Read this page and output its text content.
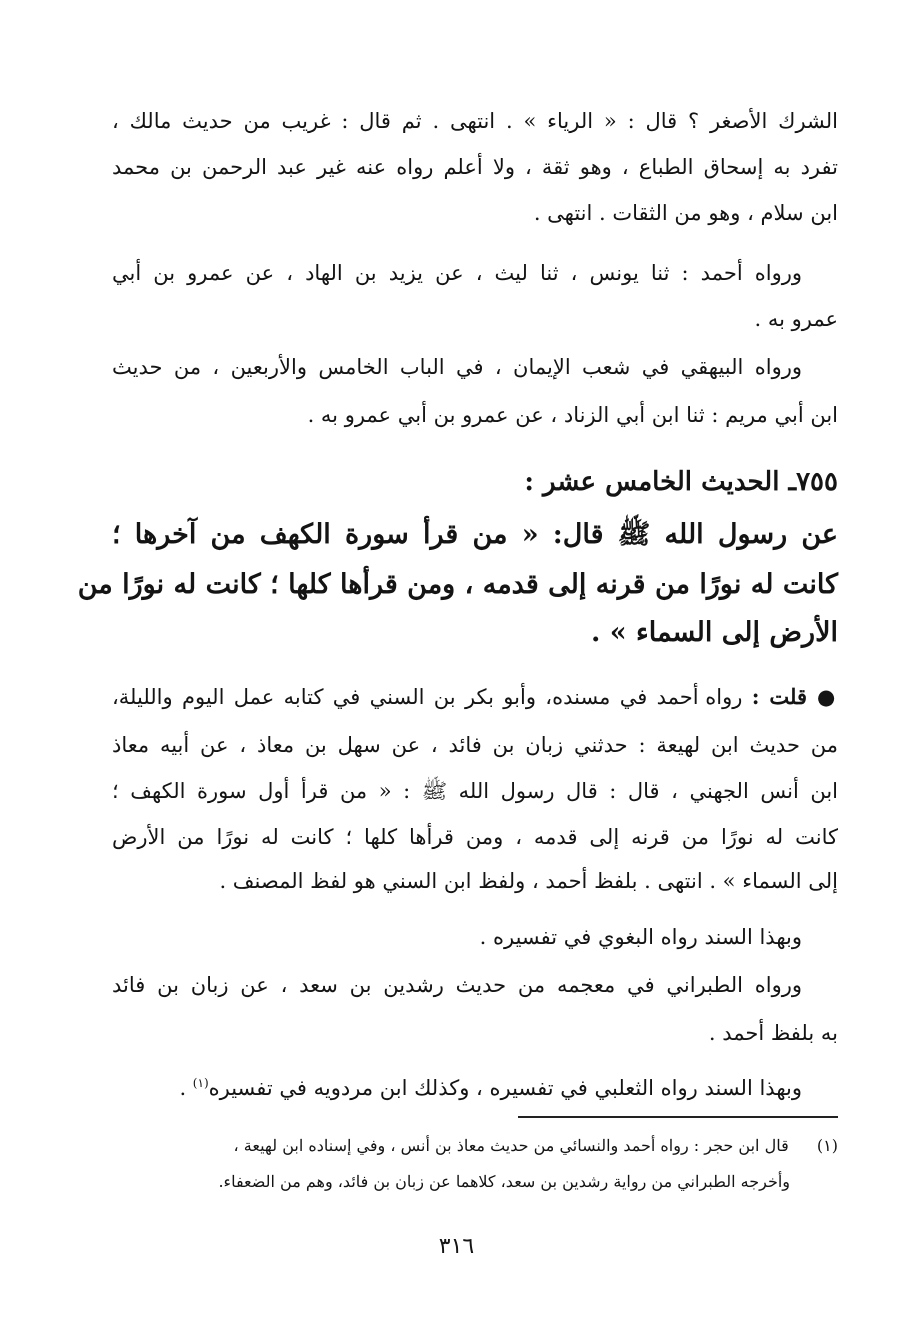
الشرك الأصغر ؟ قال : « الرياء » . انتهى . ثم قال : غريب من حديث مالك ،
تفرد به إسحاق الطباع ، وهو ثقة ، ولا أعلم رواه عنه غير عبد الرحمن بن محمد
ابن سلام ، وهو من الثقات . انتهى .
ورواه أحمد : ثنا يونس ، ثنا ليث ، عن يزيد بن الهاد ، عن عمرو بن أبي
عمرو به .
ورواه البيهقي في شعب الإيمان ، في الباب الخامس والأربعين ، من حديث
ابن أبي مريم : ثنا ابن أبي الزناد ، عن عمرو بن أبي عمرو به .
٧٥٥ـ الحديث الخامس عشر :
عن رسول الله ﷺ قال: « من قرأ سورة الكهف من آخرها ؛
كانت له نورًا من قرنه إلى قدمه ، ومن قرأها كلها ؛ كانت له نورًا من
الأرض إلى السماء » .
● قلت : رواه أحمد في مسنده، وأبو بكر بن السني في كتابه عمل اليوم والليلة،
من حديث ابن لهيعة : حدثني زبان بن فائد ، عن سهل بن معاذ ، عن أبيه معاذ
ابن أنس الجهني ، قال : قال رسول الله ﷺ : « من قرأ أول سورة الكهف ؛
كانت له نورًا من قرنه إلى قدمه ، ومن قرأها كلها ؛ كانت له نورًا من الأرض
إلى السماء » . انتهى . بلفظ أحمد ، ولفظ ابن السني هو لفظ المصنف .
وبهذا السند رواه البغوي في تفسيره .
ورواه الطبراني في معجمه من حديث رشدين بن سعد ، عن زبان بن فائد
به بلفظ أحمد .
وبهذا السند رواه الثعلبي في تفسيره ، وكذلك ابن مردويه في تفسيره$^{(١)}$ .
(١)  قال ابن حجر : رواه أحمد والنسائي من حديث معاذ بن أنس ، وفي إسناده ابن لهيعة ،
وأخرجه الطبراني من رواية رشدين بن سعد، كلاهما عن زبان بن فائد، وهم من الضعفاء.
٣١٦
